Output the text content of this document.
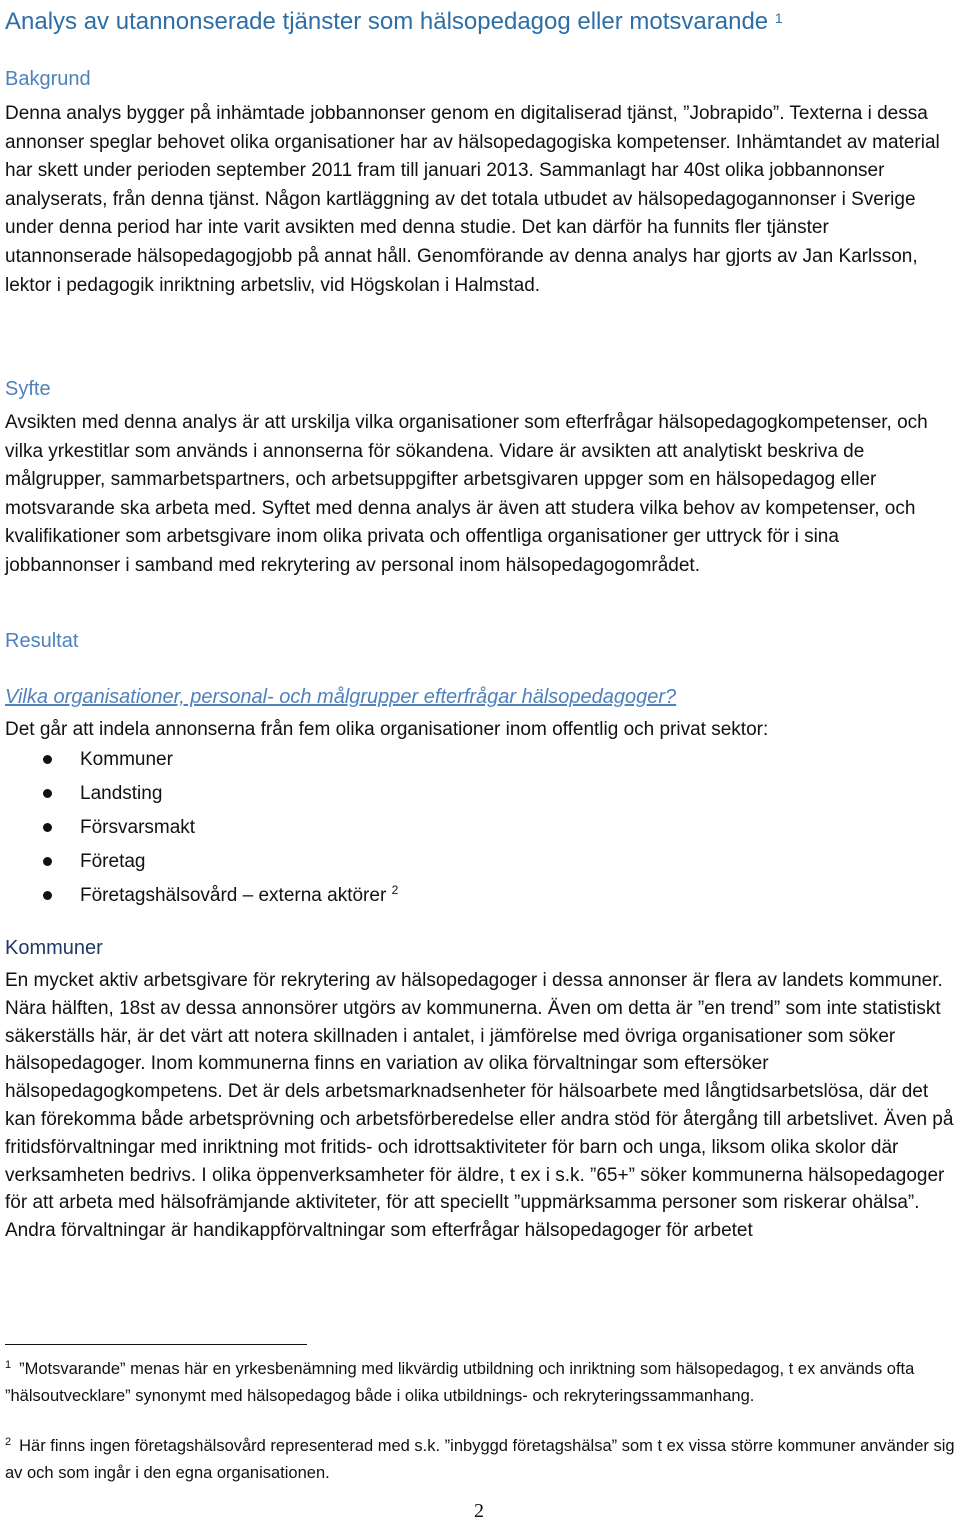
Analys av utannonserade tjänster som hälsopedagog eller motsvarande $^1$
Bakgrund
Denna analys bygger på inhämtade jobbannonser genom en digitaliserad tjänst, ”Jobrapido”. Texterna i dessa annonser speglar behovet olika organisationer har av hälsopedagogiska kompetenser. Inhämtandet av material har skett under perioden september 2011 fram till januari 2013. Sammanlagt har 40st olika jobbannonser analyserats, från denna tjänst. Någon kartläggning av det totala utbudet av hälsopedagogannonser i Sverige under denna period har inte varit avsikten med denna studie. Det kan därför ha funnits fler tjänster utannonserade hälsopedagogjobb på annat håll. Genomförande av denna analys har gjorts av Jan Karlsson, lektor i pedagogik inriktning arbetsliv, vid Högskolan i Halmstad.
Syfte
Avsikten med denna analys är att urskilja vilka organisationer som efterfrågar hälsopedagogkompetenser, och vilka yrkestitlar som används i annonserna för sökandena. Vidare är avsikten att analytiskt beskriva de målgrupper, sammarbetspartners, och arbetsuppgifter arbetsgivaren uppger som en hälsopedagog eller motsvarande ska arbeta med. Syftet med denna analys är även att studera vilka behov av kompetenser, och kvalifikationer som arbetsgivare inom olika privata och offentliga organisationer ger uttryck för i sina jobbannonser i samband med rekrytering av personal inom hälsopedagogområdet.
Resultat
Vilka organisationer, personal- och målgrupper efterfrågar hälsopedagoger?
Det går att indela annonserna från fem olika organisationer inom offentlig och privat sektor:
Kommuner
Landsting
Försvarsmakt
Företag
Företagshälsovård – externa aktörer $^2$
Kommuner
En mycket aktiv arbetsgivare för rekrytering av hälsopedagoger i dessa annonser är flera av landets kommuner. Nära hälften, 18st av dessa annonsörer utgörs av kommunerna. Även om detta är ”en trend” som inte statistiskt säkerställs här, är det värt att notera skillnaden i antalet, i jämförelse med övriga organisationer som söker hälsopedagoger. Inom kommunerna finns en variation av olika förvaltningar som eftersöker hälsopedagogkompetens. Det är dels arbetsmarknadsenheter för hälsoarbete med långtidsarbetslösa, där det kan förekomma både arbetsprövning och arbetsförberedelse eller andra stöd för återgång till arbetslivet. Även på fritidsförvaltningar med inriktning mot fritids- och idrottsaktiviteter för barn och unga, liksom olika skolor där verksamheten bedrivs. I olika öppenverksamheter för äldre, t ex i s.k. ”65+” söker kommunerna hälsopedagoger för att arbeta med hälsofrämjande aktiviteter, för att speciellt ”uppmärksamma personer som riskerar ohälsa”. Andra förvaltningar är handikappförvaltningar som efterfrågar hälsopedagoger för arbetet
$^1$ ”Motsvarande” menas här en yrkesbenämning med likvärdig utbildning och inriktning som hälsopedagog, t ex används ofta ”hälsoutvecklare” synonymt med hälsopedagog både i olika utbildnings- och rekryteringssammanhang.
$^2$ Här finns ingen företagshälsovård representerad med s.k. ”inbyggd företagshälsa” som t ex vissa större kommuner använder sig av och som ingår i den egna organisationen.
2
